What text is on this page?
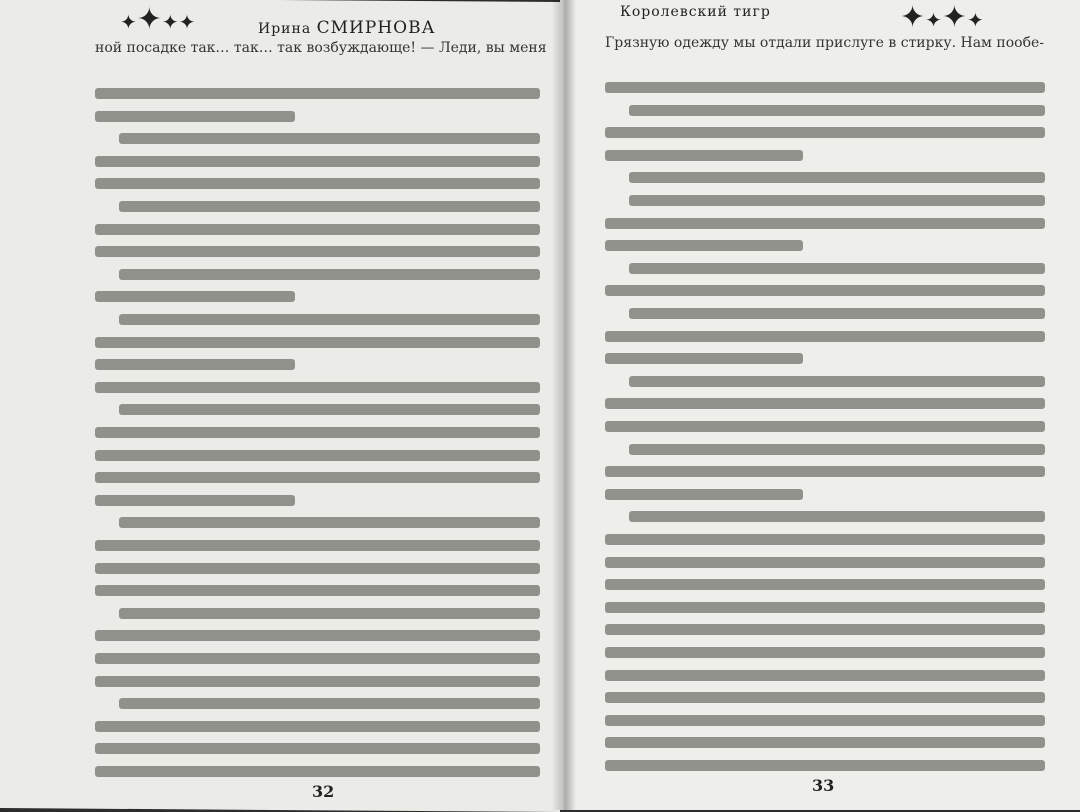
✦✦✦✦	✦✦✦✦
Ирина СМИРНОВА
Королевский тигр
ной посадке так… так… так возбуждающе! — Леди, вы меня	Грязную одежду мы отдали прислуге в стирку. Нам пообе-
32	33
